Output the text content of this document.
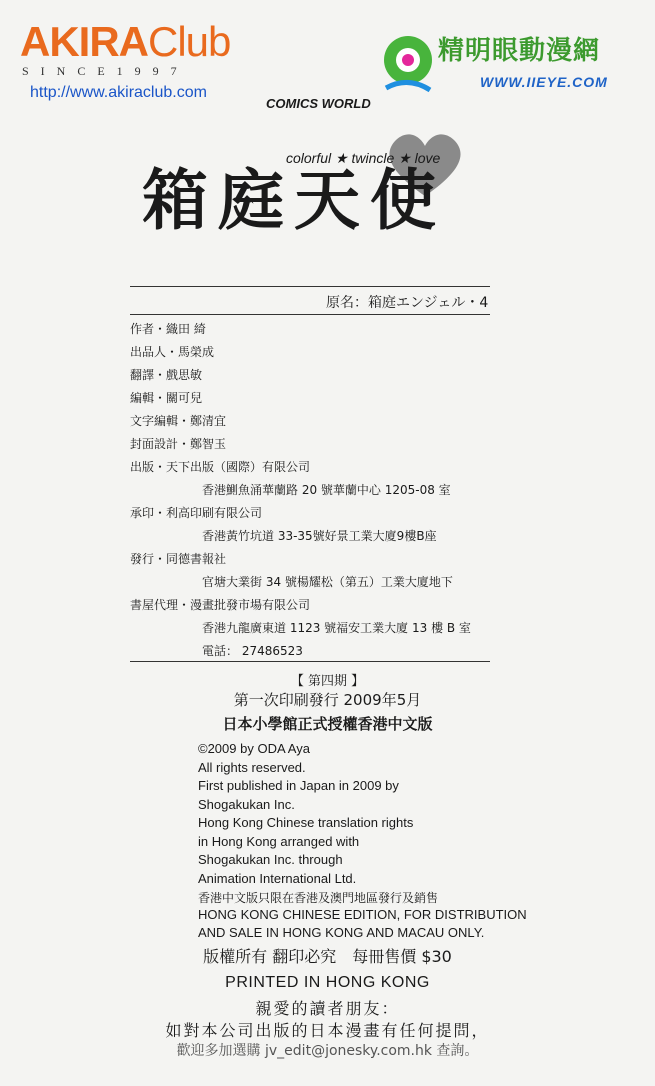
AKIRAClub
SINCE1997
http://www.akiraclub.com
精明眼動漫網
WWW.IIEYE.COM
COMICS WORLD
colorful ★ twincle ★ love
箱庭天使
原名：箱庭エンジェル・4
作者・織田 綺
出品人・馬榮成
翻譯・戲思敏
編輯・關可兒
文字編輯・鄭清宜
封面設計・鄭智玉
出版・天下出版（國際）有限公司
香港鰂魚涌華蘭路 20 號華蘭中心 1205-08 室
承印・利高印刷有限公司
香港黃竹坑道 33-35號好景工業大廈9樓B座
發行・同德書報社
官塘大業街 34 號楊耀松（第五）工業大廈地下
書屋代理・漫畫批發市場有限公司
香港九龍廣東道 1123 號福安工業大廈 13 樓 B 室
電話： 27486523
【 第四期 】
第一次印刷發行 2009年5月
日本小學館正式授權香港中文版
©2009 by ODA Aya
All rights reserved.
First published in Japan in 2009 by
Shogakukan Inc.
Hong Kong Chinese translation rights
in Hong Kong arranged with
Shogakukan Inc. through
Animation International Ltd.
香港中文版只限在香港及澳門地區發行及銷售
HONG KONG CHINESE EDITION, FOR DISTRIBUTION
AND SALE IN HONG KONG AND MACAU ONLY.
版權所有 翻印必究　每冊售價 $30
PRINTED IN HONG KONG
親愛的讀者朋友：
如對本公司出版的日本漫畫有任何提問，
歡迎多加選購 jv_edit@jonesky.com.hk 查詢。
